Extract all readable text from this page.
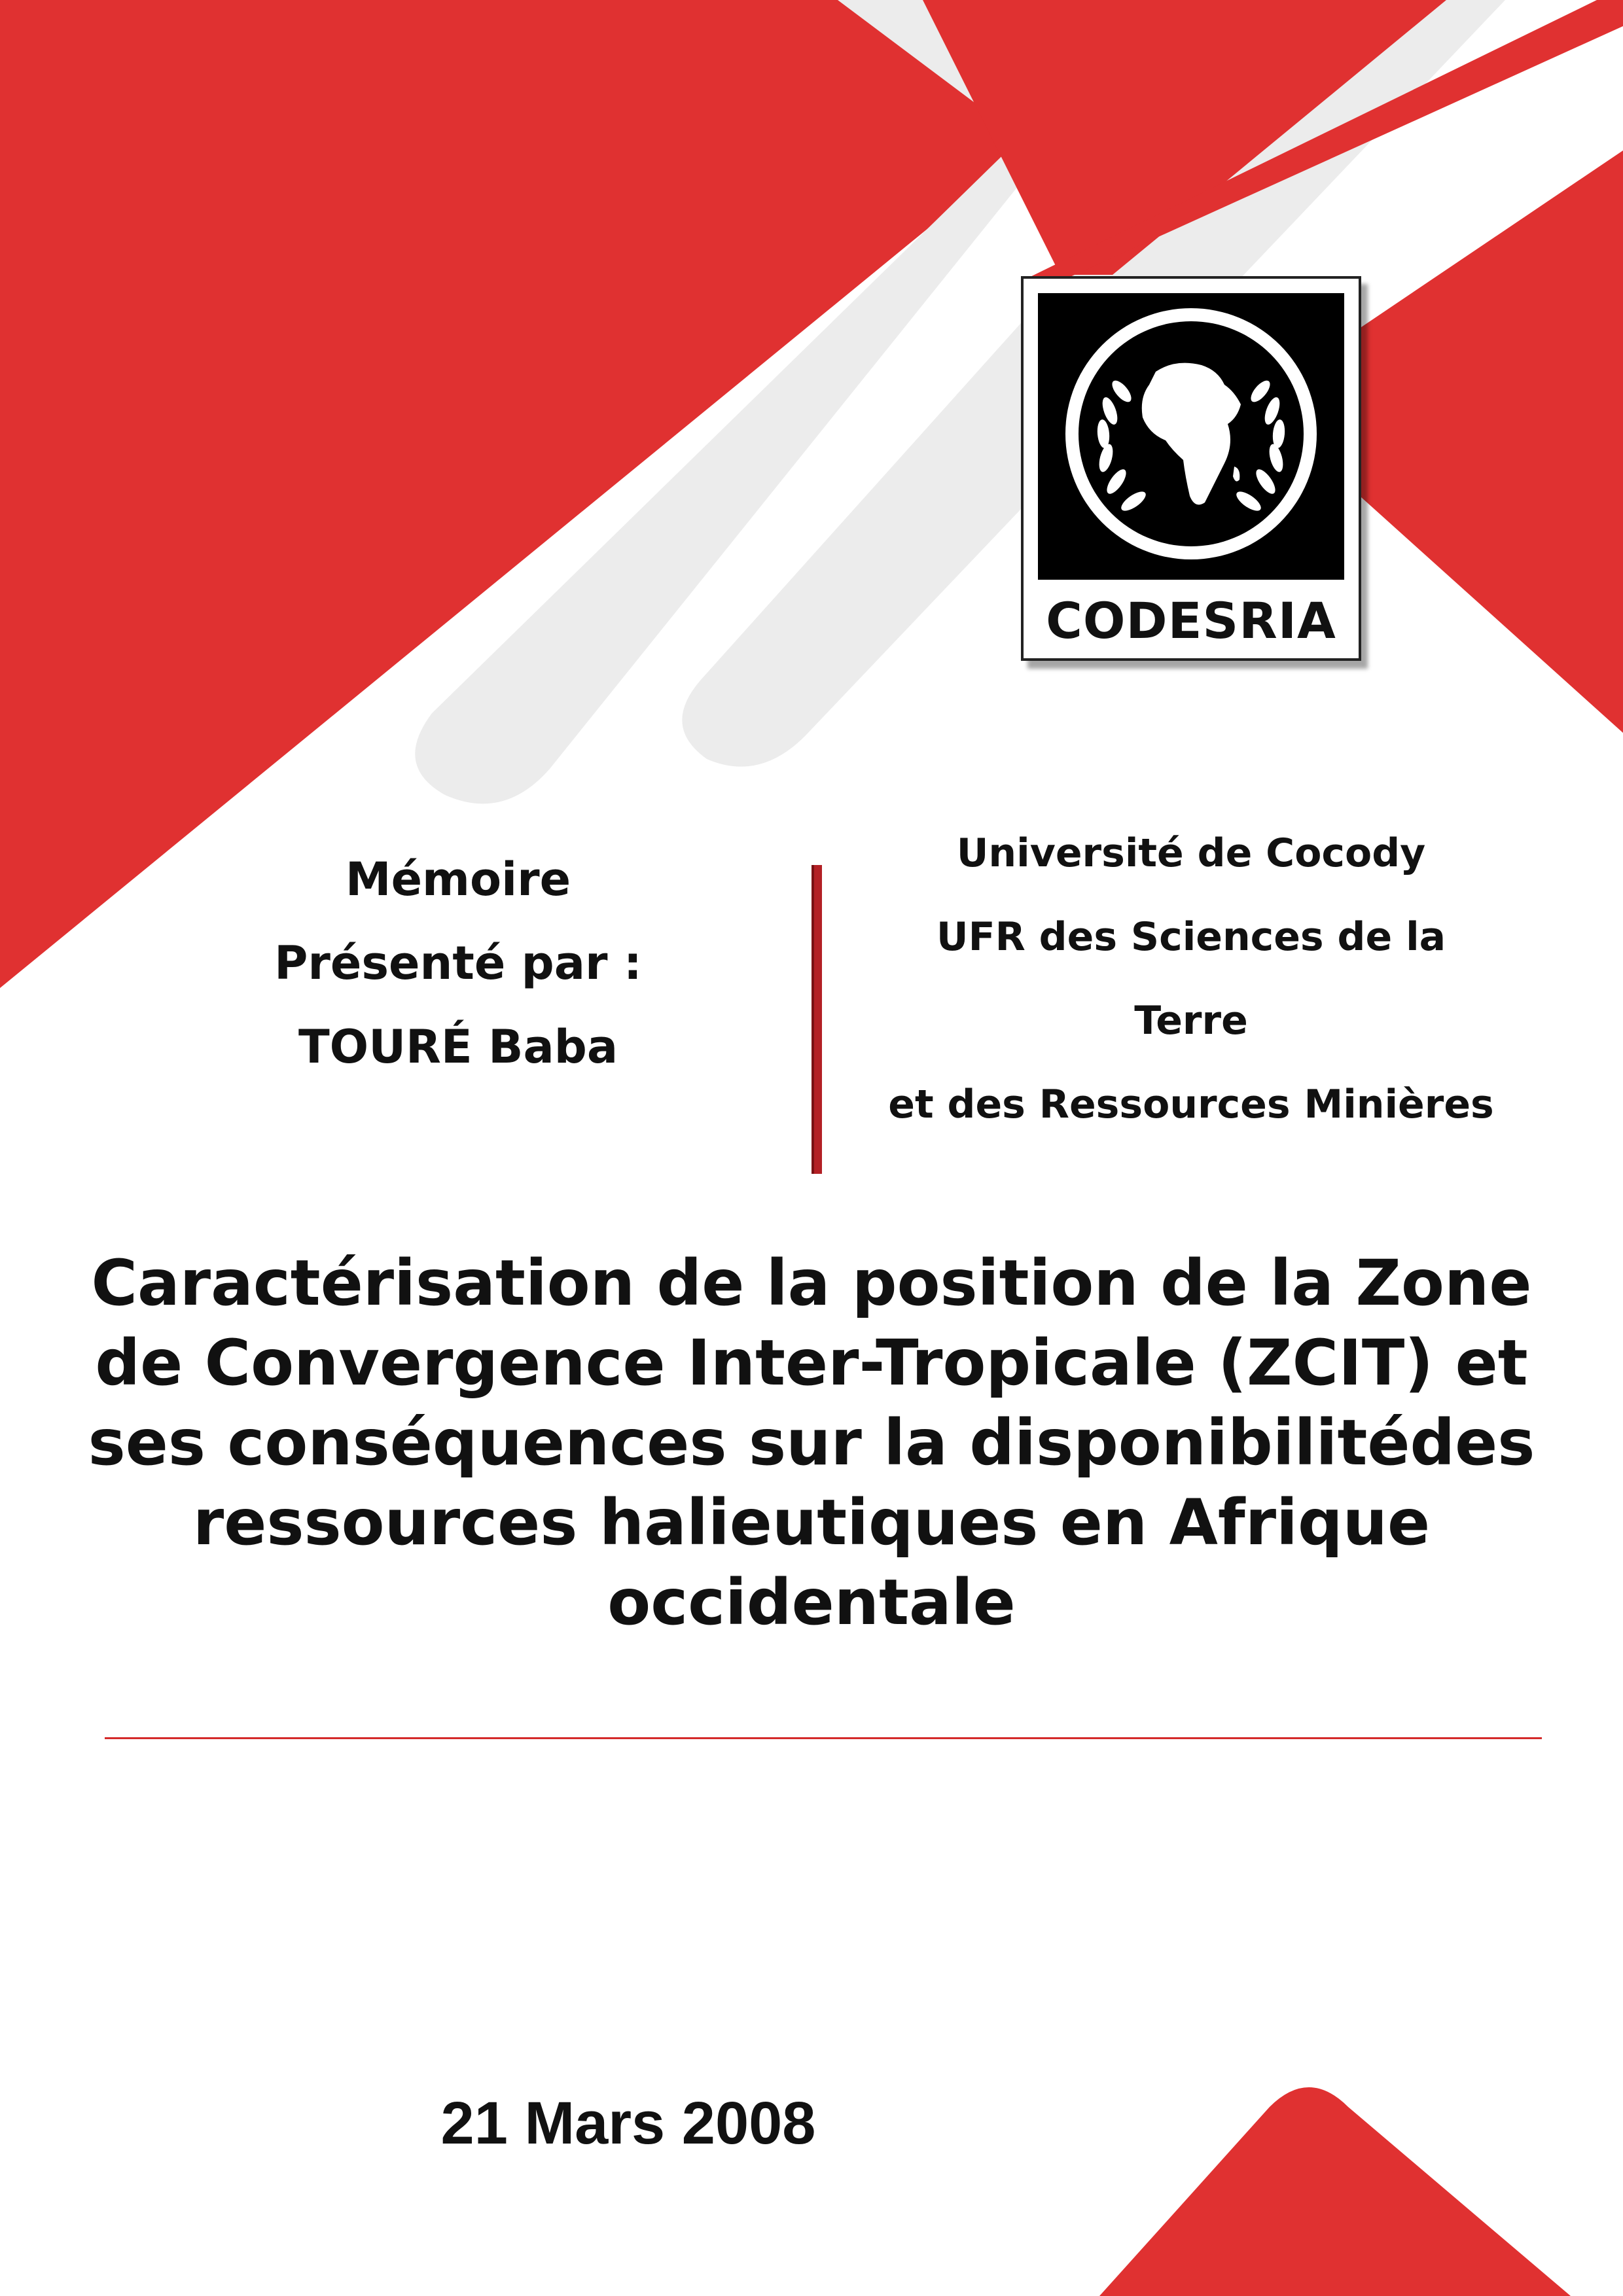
CODESRIA
Mémoire
Présenté par :
TOURÉ Baba
Université de Cocody
UFR des Sciences de la
Terre
et des Ressources Minières
Caractérisation de la position de la Zone
de Convergence Inter-Tropicale (ZCIT) et
ses conséquences sur la disponibilitédes
ressources halieutiques en Afrique
occidentale
21 Mars 2008
